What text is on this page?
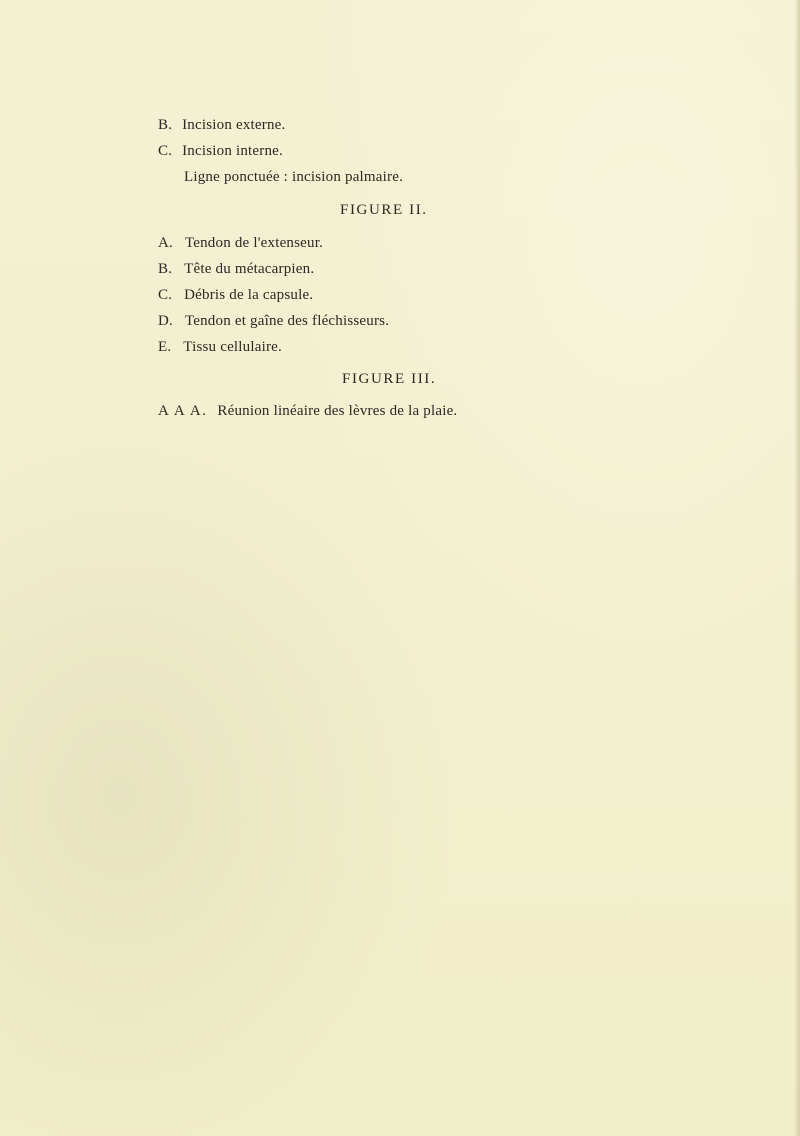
B. Incision externe.
C. Incision interne.
Ligne ponctuée : incision palmaire.
FIGURE II.
A. Tendon de l'extenseur.
B. Tête du métacarpien.
C. Débris de la capsule.
D. Tendon et gaîne des fléchisseurs.
E. Tissu cellulaire.
FIGURE III.
A A A. Réunion linéaire des lèvres de la plaie.
